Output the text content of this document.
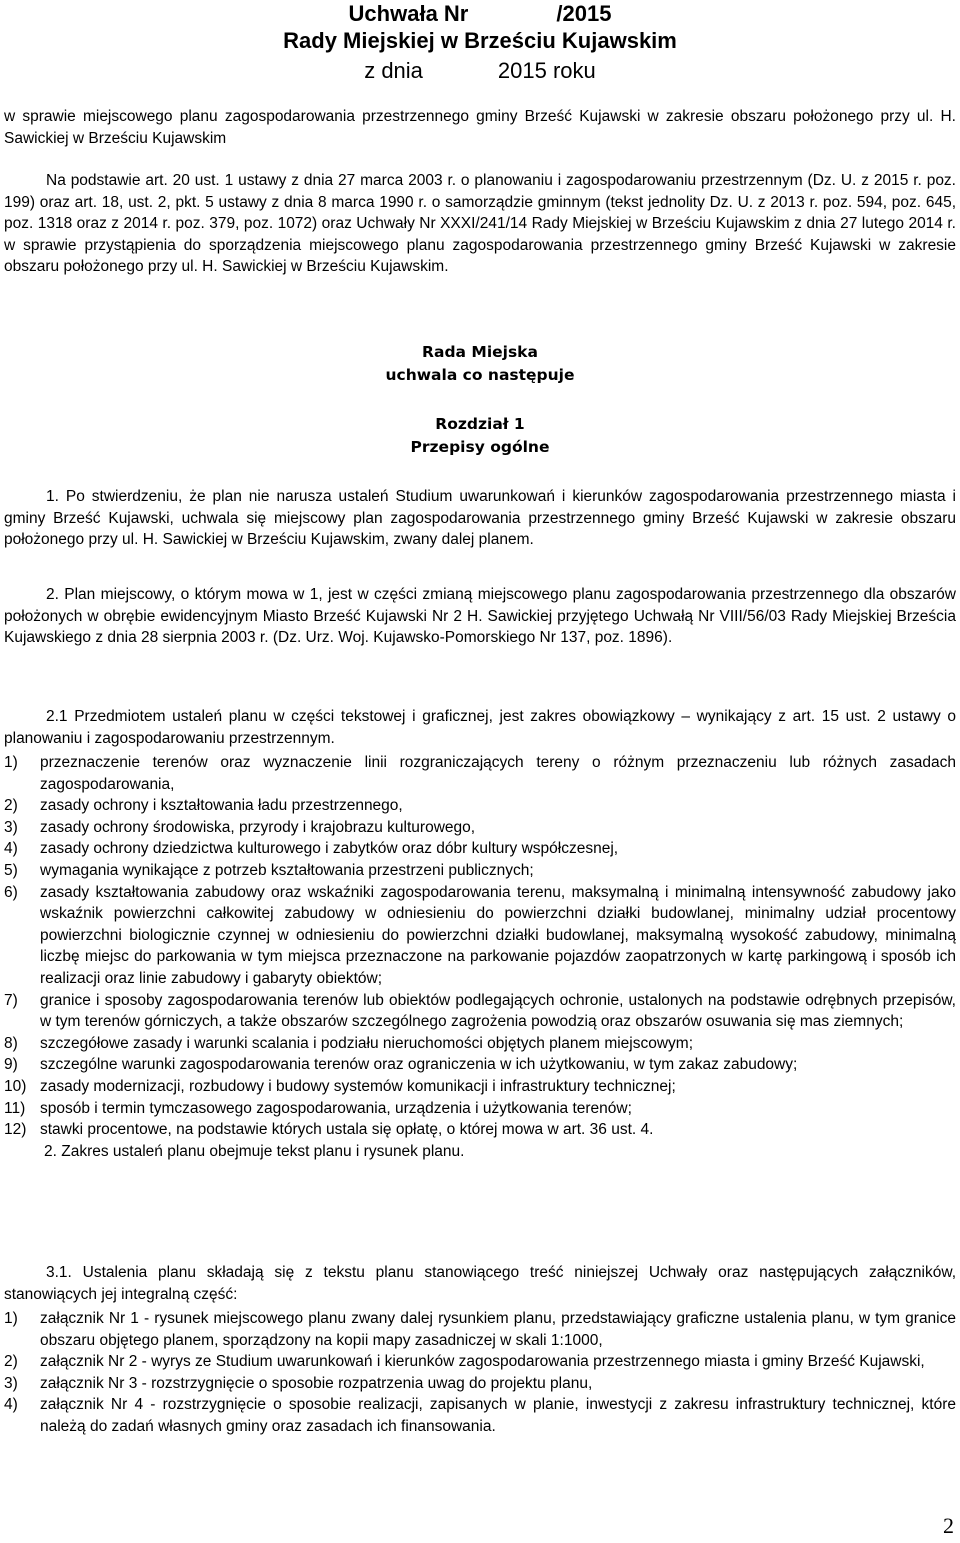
Uchwała Nr	/2015
Rady Miejskiej w Brześciu Kujawskim
z dnia	2015 roku
w sprawie miejscowego planu zagospodarowania przestrzennego gminy Brześć Kujawski w zakresie obszaru położonego przy ul. H. Sawickiej w Brześciu Kujawskim
Na podstawie art. 20 ust. 1 ustawy z dnia 27 marca 2003 r. o planowaniu i zagospodarowaniu przestrzennym (Dz. U. z 2015 r. poz. 199) oraz art. 18, ust. 2, pkt. 5 ustawy z dnia 8 marca 1990 r. o samorządzie gminnym (tekst jednolity Dz. U. z 2013 r. poz. 594, poz. 645, poz. 1318 oraz z 2014 r. poz. 379, poz. 1072) oraz Uchwały Nr XXXI/241/14 Rady Miejskiej w Brześciu Kujawskim z dnia 27 lutego 2014 r. w sprawie przystąpienia do sporządzenia miejscowego planu zagospodarowania przestrzennego gminy Brześć Kujawski w zakresie obszaru położonego przy ul. H. Sawickiej w Brześciu Kujawskim.
Rada Miejska
uchwala co następuje
Rozdział 1
Przepisy ogólne
1. Po stwierdzeniu, że plan nie narusza ustaleń Studium uwarunkowań i kierunków zagospodarowania przestrzennego miasta i gminy Brześć Kujawski, uchwala się miejscowy plan zagospodarowania przestrzennego gminy Brześć Kujawski w zakresie obszaru położonego przy ul. H. Sawickiej w Brześciu Kujawskim, zwany dalej planem.
2. Plan miejscowy, o którym mowa w 1, jest w części zmianą miejscowego planu zagospodarowania przestrzennego dla obszarów położonych w obrębie ewidencyjnym Miasto Brześć Kujawski Nr 2 H. Sawickiej przyjętego Uchwałą Nr VIII/56/03 Rady Miejskiej Brześcia Kujawskiego z dnia 28 sierpnia 2003 r. (Dz. Urz. Woj. Kujawsko-Pomorskiego Nr 137, poz. 1896).
2.1 Przedmiotem ustaleń planu w części tekstowej i graficznej, jest zakres obowiązkowy – wynikający z art. 15 ust. 2 ustawy o planowaniu i zagospodarowaniu przestrzennym.
1) przeznaczenie terenów oraz wyznaczenie linii rozgraniczających tereny o różnym przeznaczeniu lub różnych zasadach zagospodarowania,
2) zasady ochrony i kształtowania ładu przestrzennego,
3) zasady ochrony środowiska, przyrody i krajobrazu kulturowego,
4) zasady ochrony dziedzictwa kulturowego i zabytków oraz dóbr kultury współczesnej,
5) wymagania wynikające z potrzeb kształtowania przestrzeni publicznych;
6) zasady kształtowania zabudowy oraz wskaźniki zagospodarowania terenu, maksymalną i minimalną intensywność zabudowy jako wskaźnik powierzchni całkowitej zabudowy w odniesieniu do powierzchni działki budowlanej, minimalny udział procentowy powierzchni biologicznie czynnej w odniesieniu do powierzchni działki budowlanej, maksymalną wysokość zabudowy, minimalną liczbę miejsc do parkowania w tym miejsca przeznaczone na parkowanie pojazdów zaopatrzonych w kartę parkingową i sposób ich realizacji oraz linie zabudowy i gabaryty obiektów;
7) granice i sposoby zagospodarowania terenów lub obiektów podlegających ochronie, ustalonych na podstawie odrębnych przepisów, w tym terenów górniczych, a także obszarów szczególnego zagrożenia powodzią oraz obszarów osuwania się mas ziemnych;
8) szczegółowe zasady i warunki scalania i podziału nieruchomości objętych planem miejscowym;
9) szczególne warunki zagospodarowania terenów oraz ograniczenia w ich użytkowaniu, w tym zakaz zabudowy;
10) zasady modernizacji, rozbudowy i budowy systemów komunikacji i infrastruktury technicznej;
11) sposób i termin tymczasowego zagospodarowania, urządzenia i użytkowania terenów;
12) stawki procentowe, na podstawie których ustala się opłatę, o której mowa w art. 36 ust. 4.
2. Zakres ustaleń planu obejmuje tekst planu i rysunek planu.
3.1. Ustalenia planu składają się z tekstu planu stanowiącego treść niniejszej Uchwały oraz następujących załączników, stanowiących jej integralną część:
1) załącznik Nr 1 - rysunek miejscowego planu zwany dalej rysunkiem planu, przedstawiający graficzne ustalenia planu, w tym granice obszaru objętego planem, sporządzony na kopii mapy zasadniczej w skali 1:1000,
2) załącznik Nr 2 - wyrys ze Studium uwarunkowań i kierunków zagospodarowania przestrzennego miasta i gminy Brześć Kujawski,
3) załącznik Nr 3 - rozstrzygnięcie o sposobie rozpatrzenia uwag do projektu planu,
4) załącznik Nr 4 - rozstrzygnięcie o sposobie realizacji, zapisanych w planie, inwestycji z zakresu infrastruktury technicznej, które należą do zadań własnych gminy oraz zasadach ich finansowania.
2
